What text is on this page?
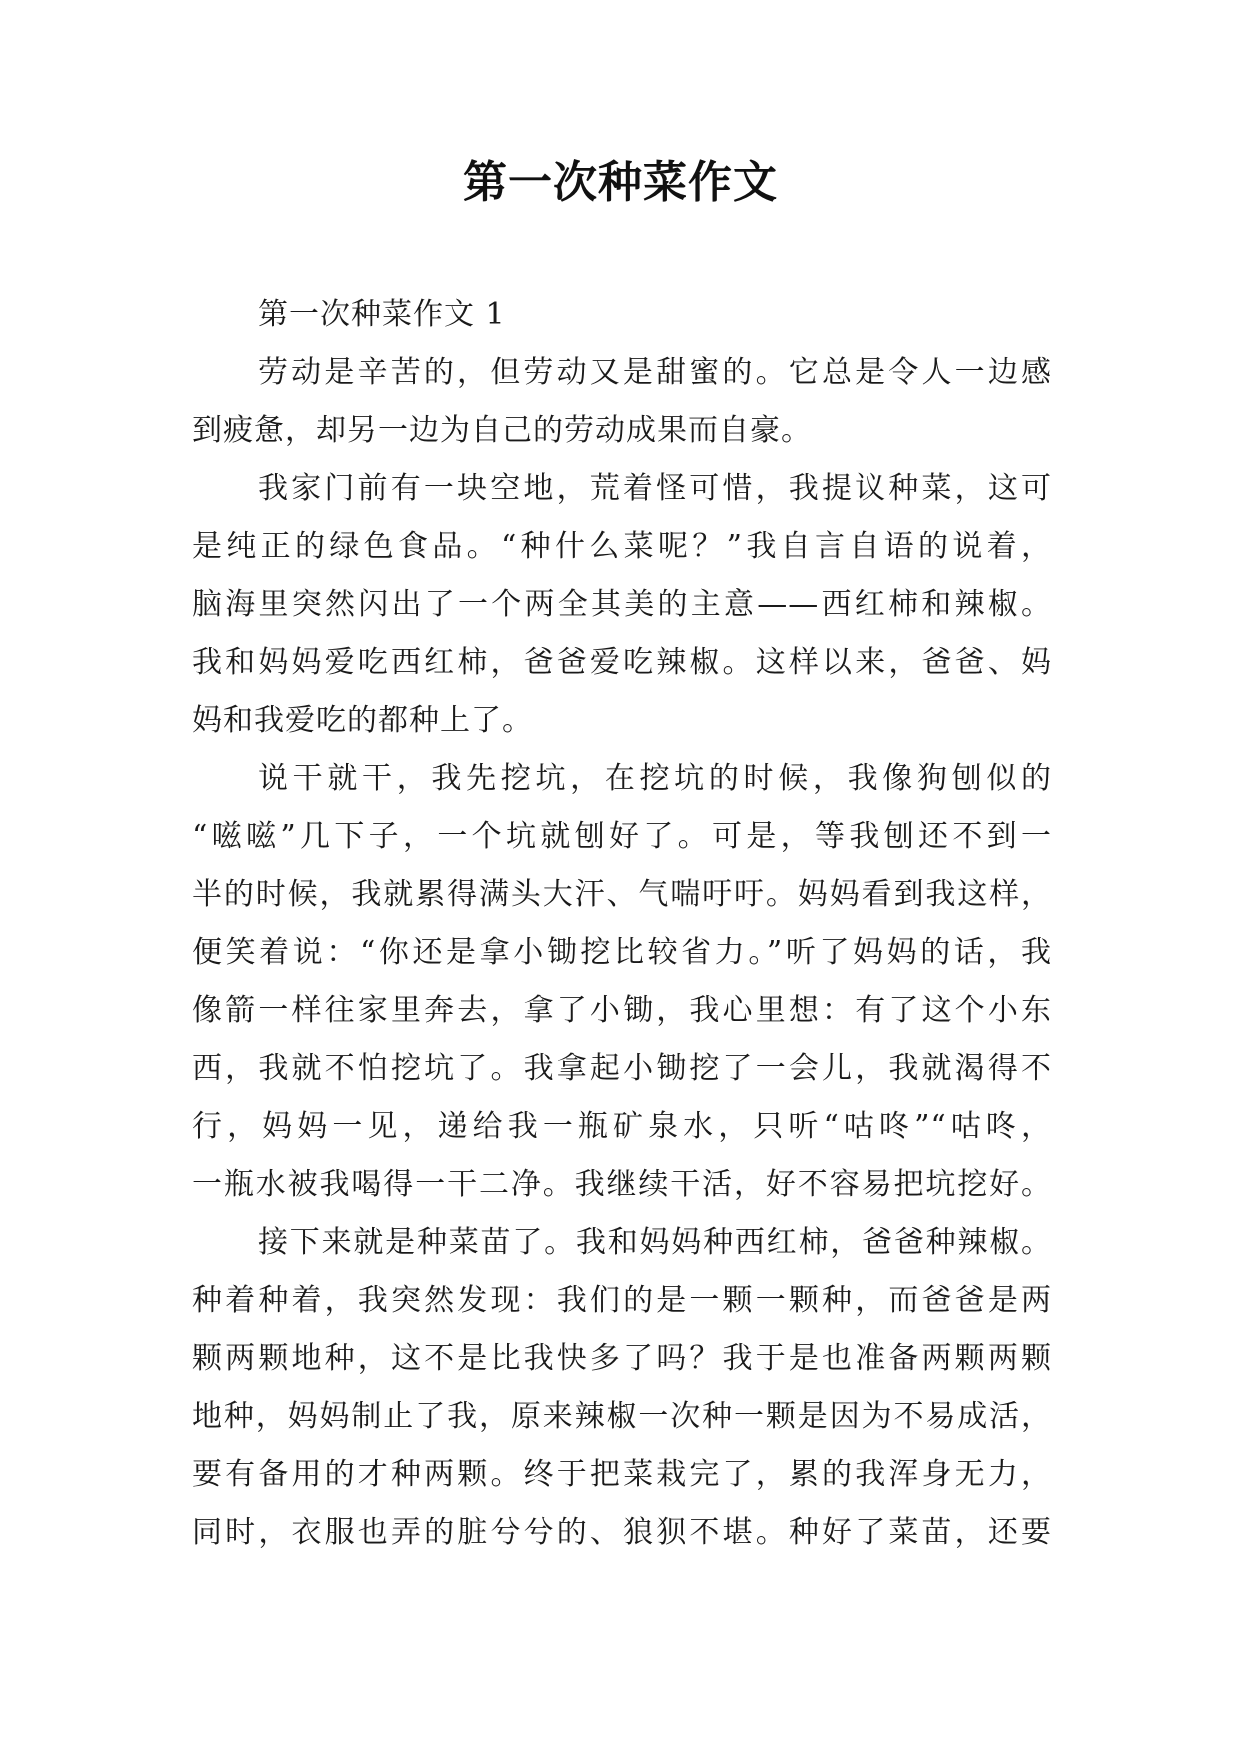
第一次种菜作文
第一次种菜作文 1
劳动是辛苦的，但劳动又是甜蜜的。它总是令人一边感
到疲惫，却另一边为自己的劳动成果而自豪。
我家门前有一块空地，荒着怪可惜，我提议种菜，这可
是纯正的绿色食品。“种什么菜呢？”我自言自语的说着，
脑海里突然闪出了一个两全其美的主意——西红柿和辣椒。
我和妈妈爱吃西红柿，爸爸爱吃辣椒。这样以来，爸爸、妈
妈和我爱吃的都种上了。
说干就干，我先挖坑，在挖坑的时候，我像狗刨似的
“嗞嗞”几下子，一个坑就刨好了。可是，等我刨还不到一
半的时候，我就累得满头大汗、气喘吁吁。妈妈看到我这样，
便笑着说：“你还是拿小锄挖比较省力。”听了妈妈的话，我
像箭一样往家里奔去，拿了小锄，我心里想：有了这个小东
西，我就不怕挖坑了。我拿起小锄挖了一会儿，我就渴得不
行，妈妈一见，递给我一瓶矿泉水，只听“咕咚”“咕咚，
一瓶水被我喝得一干二净。我继续干活，好不容易把坑挖好。
接下来就是种菜苗了。我和妈妈种西红柿，爸爸种辣椒。
种着种着，我突然发现：我们的是一颗一颗种，而爸爸是两
颗两颗地种，这不是比我快多了吗？我于是也准备两颗两颗
地种，妈妈制止了我，原来辣椒一次种一颗是因为不易成活，
要有备用的才种两颗。终于把菜栽完了，累的我浑身无力，
同时，衣服也弄的脏兮兮的、狼狈不堪。种好了菜苗，还要
